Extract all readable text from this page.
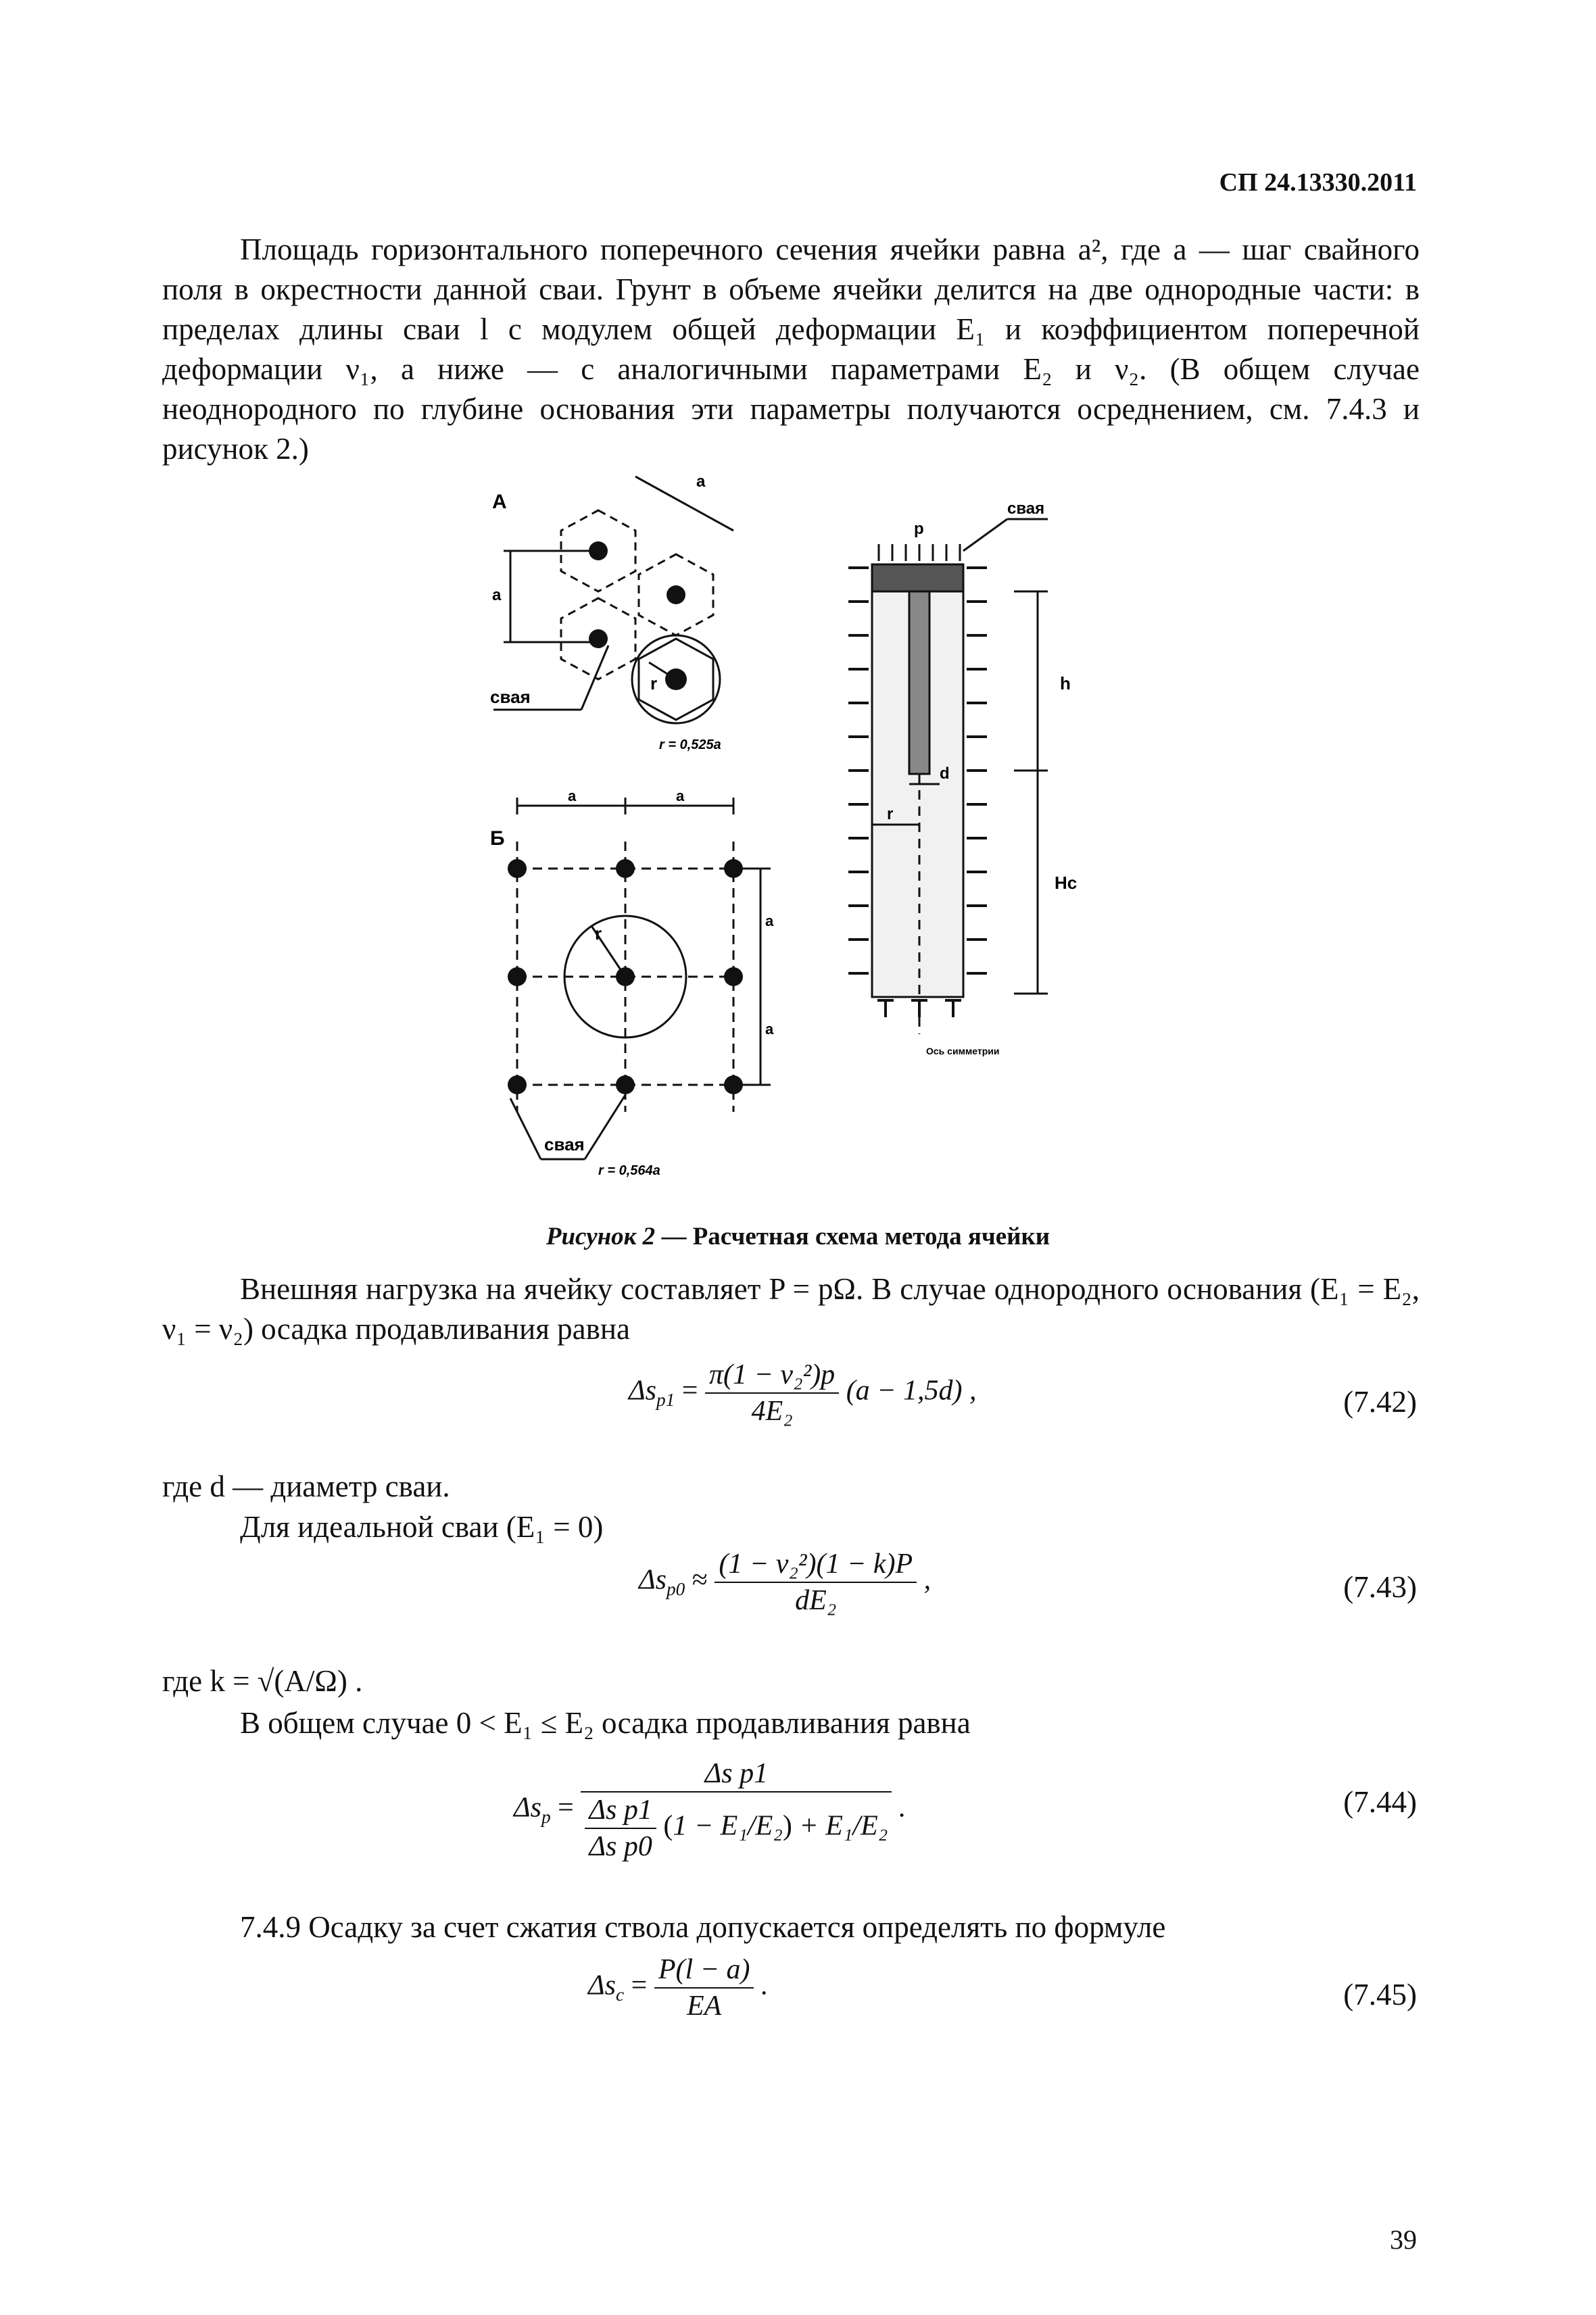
СП 24.13330.2011

Площадь горизонтального поперечного сечения ячейки равна a², где a — шаг свайного поля в окрестности данной сваи. Грунт в объеме ячейки делится на две однородные части: в пределах длины сваи l с модулем общей деформации E₁ и коэффициентом поперечной деформации ν₁, а ниже — с аналогичными параметрами E₂ и ν₂. (В общем случае неоднородного по глубине основания эти параметры получаются осреднением, см. 7.4.3 и рисунок 2.)

А
a
a
свая
r
r = 0,525a
Б
a	a
a
a
r
свая
r = 0,564a
p
свая
h
Hc
d
r
Ось симметрии
Рисунок 2 — Расчетная схема метода ячейки

Внешняя нагрузка на ячейку составляет P = pΩ. В случае однородного основания (E₁ = E₂, ν₁ = ν₂) осадка продавливания равна

$\Delta s_{p1} = \frac{\text{π(1 − ν₂²)p}}{\text{4E₂}} (a - 1,5d)$ ,	(7.42)
где d — диаметр сваи.
Для идеальной сваи (E₁ = 0)
$\Delta s_{p0} \approx \frac{\text{(1 − ν₂²)(1 − k)P}}{\text{dE₂}}$ ,	(7.43)
где k = √(A/Ω) .
В общем случае 0 < E₁ ≤ E₂ осадка продавливания равна
$\Delta s_p = \frac{\text{Δs p1}}{\frac{\text{Δs p1}}{\text{Δs p0}} (1 - E_1/E_2) + E_1/E_2}$ .	(7.44)
7.4.9 Осадку за счет сжатия ствола допускается определять по формуле
$\Delta s_c = \frac{P(l - a)}{EA}$ .	(7.45)
39
